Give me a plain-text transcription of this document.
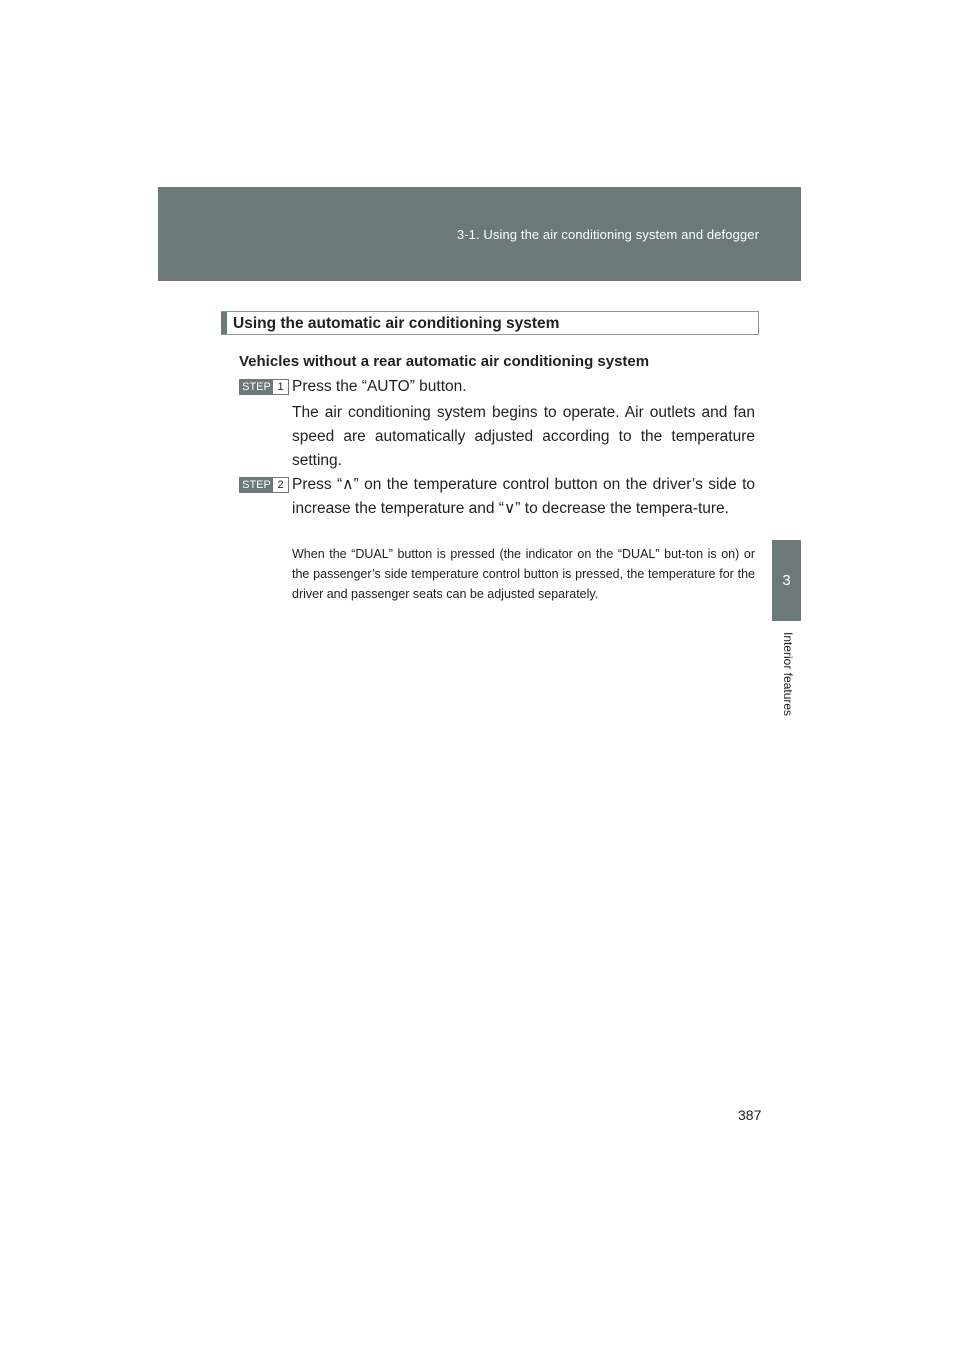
3-1. Using the air conditioning system and defogger
3
Interior features
Using the automatic air conditioning system
Vehicles without a rear automatic air conditioning system
STEP 1 Press the “AUTO” button.
The air conditioning system begins to operate. Air outlets and fan speed are automatically adjusted according to the temperature setting.
STEP 2 Press “∧” on the temperature control button on the driver’s side to increase the temperature and “∨” to decrease the tempera-ture.
When the “DUAL” button is pressed (the indicator on the “DUAL” but-ton is on) or the passenger’s side temperature control button is pressed, the temperature for the driver and passenger seats can be adjusted separately.
387
